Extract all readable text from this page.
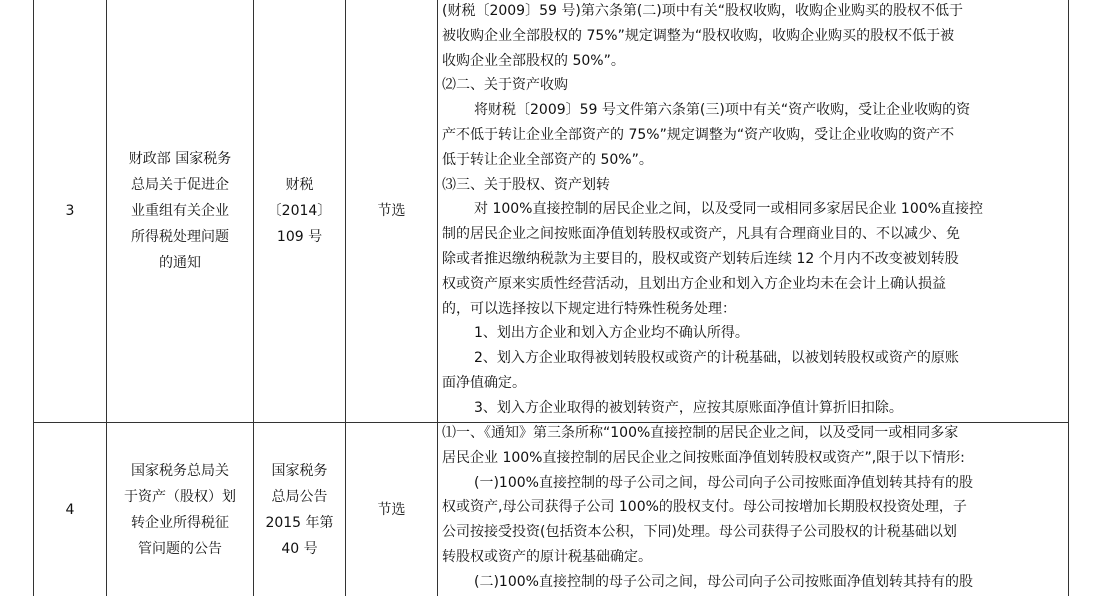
3
财政部 国家税务
总局关于促进企
业重组有关企业
所得税处理问题
的通知
财税
〔2014〕
109 号
节选

(财税〔2009〕59 号)第六条第(二)项中有关“股权收购，收购企业购买的股权不低于

被收购企业全部股权的 75%”规定调整为“股权收购，收购企业购买的股权不低于被

收购企业全部股权的 50%”。

⑵二、关于资产收购

将财税〔2009〕59 号文件第六条第(三)项中有关“资产收购，受让企业收购的资

产不低于转让企业全部资产的 75%”规定调整为“资产收购，受让企业收购的资产不

低于转让企业全部资产的 50%”。

⑶三、关于股权、资产划转

对 100%直接控制的居民企业之间，以及受同一或相同多家居民企业 100%直接控

制的居民企业之间按账面净值划转股权或资产，凡具有合理商业目的、不以减少、免

除或者推迟缴纳税款为主要目的，股权或资产划转后连续 12 个月内不改变被划转股

权或资产原来实质性经营活动，且划出方企业和划入方企业均未在会计上确认损益

的，可以选择按以下规定进行特殊性税务处理：

1、划出方企业和划入方企业均不确认所得。

2、划入方企业取得被划转股权或资产的计税基础，以被划转股权或资产的原账

面净值确定。

3、划入方企业取得的被划转资产，应按其原账面净值计算折旧扣除。

4
国家税务总局关
于资产（股权）划
转企业所得税征
管问题的公告
国家税务
总局公告
2015 年第
40 号
节选

⑴一、《通知》第三条所称“100%直接控制的居民企业之间，以及受同一或相同多家

居民企业 100%直接控制的居民企业之间按账面净值划转股权或资产”,限于以下情形:

(一)100%直接控制的母子公司之间，母公司向子公司按账面净值划转其持有的股

权或资产,母公司获得子公司 100%的股权支付。母公司按增加长期股权投资处理，子

公司按接受投资(包括资本公积，下同)处理。母公司获得子公司股权的计税基础以划

转股权或资产的原计税基础确定。

(二)100%直接控制的母子公司之间，母公司向子公司按账面净值划转其持有的股
